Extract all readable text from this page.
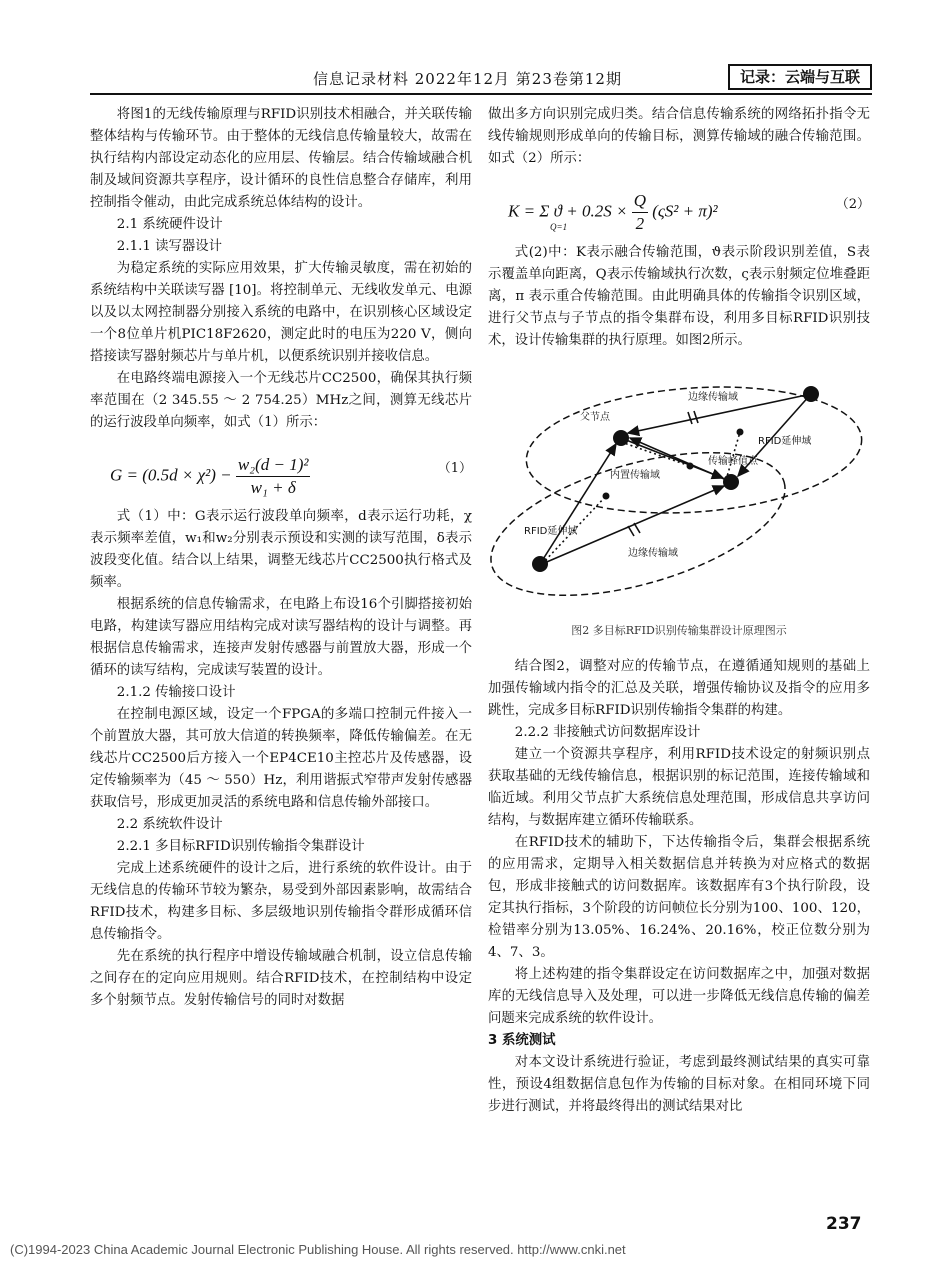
信息记录材料 2022年12月 第23卷第12期	记录：云端与互联

将图1的无线传输原理与RFID识别技术相融合，并关联传输整体结构与传输环节。由于整体的无线信息传输量较大，故需在执行结构内部设定动态化的应用层、传输层。结合传输域融合机制及域间资源共享程序，设计循环的良性信息整合存储库，利用控制指令催动，由此完成系统总体结构的设计。

2.1 系统硬件设计

2.1.1 读写器设计

为稳定系统的实际应用效果，扩大传输灵敏度，需在初始的系统结构中关联读写器 [10]。将控制单元、无线收发单元、电源以及以太网控制器分别接入系统的电路中，在识别核心区域设定一个8位单片机PIC18F2620，测定此时的电压为220 V，侧向搭接读写器射频芯片与单片机，以便系统识别并接收信息。

在电路终端电源接入一个无线芯片CC2500，确保其执行频率范围在（2 345.55 ～ 2 754.25）MHz之间，测算无线芯片的运行波段单向频率，如式（1）所示：

$G = (0.5d \times \chi^2) - \frac{\text{w₂(d − 1)²}}{\text{w₁ + δ}}$	（1）

式（1）中：G表示运行波段单向频率，d表示运行功耗，χ表示频率差值，w₁和w₂分别表示预设和实测的读写范围，δ表示波段变化值。结合以上结果，调整无线芯片CC2500执行格式及频率。

根据系统的信息传输需求，在电路上布设16个引脚搭接初始电路，构建读写器应用结构完成对读写器结构的设计与调整。再根据信息传输需求，连接声发射传感器与前置放大器，形成一个循环的读写结构，完成读写装置的设计。

2.1.2 传输接口设计

在控制电源区域，设定一个FPGA的多端口控制元件接入一个前置放大器，其可放大信道的转换频率，降低传输偏差。在无线芯片CC2500后方接入一个EP4CE10主控芯片及传感器，设定传输频率为（45 ～ 550）Hz，利用谐振式窄带声发射传感器获取信号，形成更加灵活的系统电路和信息传输外部接口。

2.2 系统软件设计

2.2.1 多目标RFID识别传输指令集群设计

完成上述系统硬件的设计之后，进行系统的软件设计。由于无线信息的传输环节较为繁杂，易受到外部因素影响，故需结合RFID技术，构建多目标、多层级地识别传输指令群形成循环信息传输指令。

先在系统的执行程序中增设传输域融合机制，设立信息传输之间存在的定向应用规则。结合RFID技术，在控制结构中设定多个射频节点。发射传输信号的同时对数据

做出多方向识别完成归类。结合信息传输系统的网络拓扑指令无线传输规则形成单向的传输目标，测算传输域的融合传输范围。如式（2）所示：

K = Σ $ϑ + 0.2S \times \frac{Q}{2} (\varsigma S^2 + \pi)^2$
Q=1
（2）

式(2)中：K表示融合传输范围，ϑ表示阶段识别差值，S表示覆盖单向距离，Q表示传输域执行次数，ς表示射频定位堆叠距离，π 表示重合传输范围。由此明确具体的传输指令识别区域，进行父节点与子节点的指令集群布设，利用多目标RFID识别技术，设计传输集群的执行原理。如图2所示。

边缘传输域
父节点
RFID延伸域
传输峰值点
内置传输域
RFID延伸域
边缘传输域
图2 多目标RFID识别传输集群设计原理图示

结合图2，调整对应的传输节点，在遵循通知规则的基础上加强传输域内指令的汇总及关联，增强传输协议及指令的应用多跳性，完成多目标RFID识别传输指令集群的构建。

2.2.2 非接触式访问数据库设计

建立一个资源共享程序，利用RFID技术设定的射频识别点获取基础的无线传输信息，根据识别的标记范围，连接传输域和临近域。利用父节点扩大系统信息处理范围，形成信息共享访问结构，与数据库建立循环传输联系。

在RFID技术的辅助下，下达传输指令后，集群会根据系统的应用需求，定期导入相关数据信息并转换为对应格式的数据包，形成非接触式的访问数据库。该数据库有3个执行阶段，设定其执行指标，3个阶段的访问帧位长分别为100、100、120，检错率分别为13.05%、16.24%、20.16%，校正位数分别为4、7、3。

将上述构建的指令集群设定在访问数据库之中，加强对数据库的无线信息导入及处理，可以进一步降低无线信息传输的偏差问题来完成系统的软件设计。

3 系统测试

对本文设计系统进行验证，考虑到最终测试结果的真实可靠性，预设4组数据信息包作为传输的目标对象。在相同环境下同步进行测试，并将最终得出的测试结果对比

237
(C)1994-2023 China Academic Journal Electronic Publishing House. All rights reserved. http://www.cnki.net
